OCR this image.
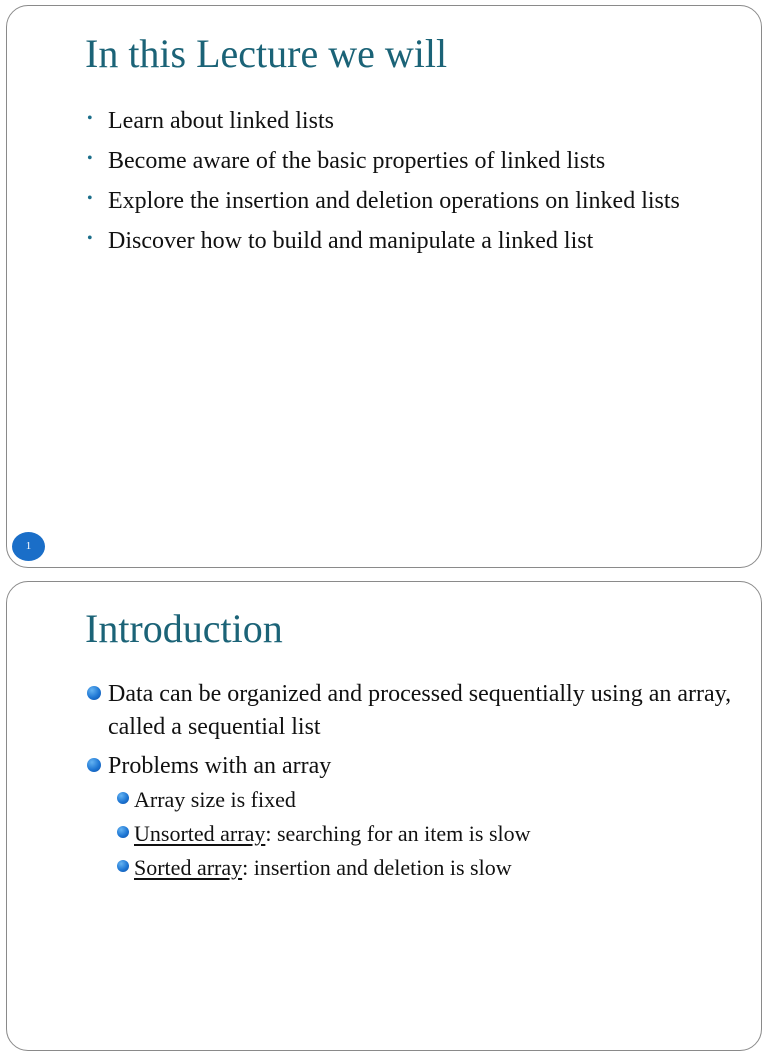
In this Lecture we will
• Learn about linked lists
• Become aware of the basic properties of linked lists
• Explore the insertion and deletion operations on linked lists
• Discover how to build and manipulate a linked list
1
Introduction
Data can be organized and processed sequentially using an array, called a sequential list
Problems with an array
Array size is fixed
Unsorted array: searching for an item is slow
Sorted array: insertion and deletion is slow
